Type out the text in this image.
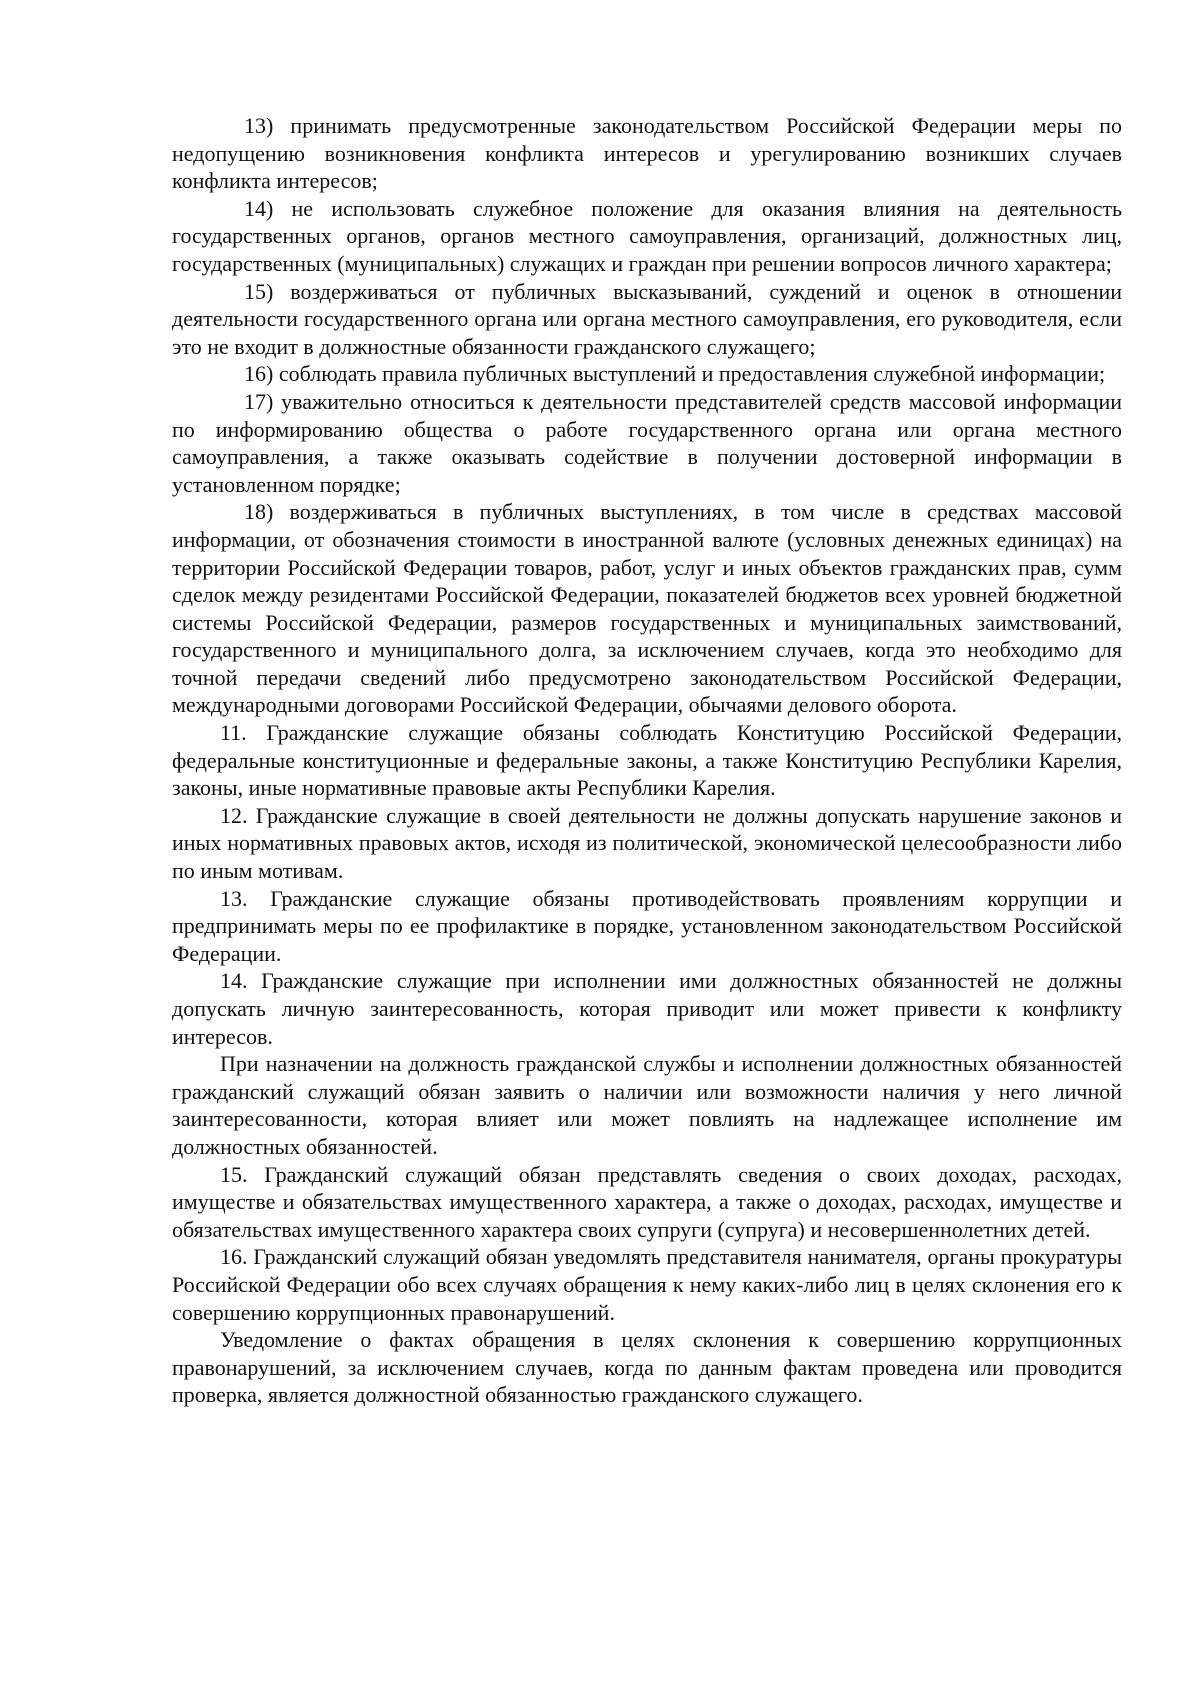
13) принимать предусмотренные законодательством Российской Федерации меры по недопущению возникновения конфликта интересов и урегулированию возникших случаев конфликта интересов;

14) не использовать служебное положение для оказания влияния на деятельность государственных органов, органов местного самоуправления, организаций, должностных лиц, государственных (муниципальных) служащих и граждан при решении вопросов личного характера;

15) воздерживаться от публичных высказываний, суждений и оценок в отношении деятельности государственного органа или органа местного самоуправления, его руководителя, если это не входит в должностные обязанности гражданского служащего;

16) соблюдать правила публичных выступлений и предоставления служебной информации;

17) уважительно относиться к деятельности представителей средств массовой информации по информированию общества о работе государственного органа или органа местного самоуправления, а также оказывать содействие в получении достоверной информации в установленном порядке;

18) воздерживаться в публичных выступлениях, в том числе в средствах массовой информации, от обозначения стоимости в иностранной валюте (условных денежных единицах) на территории Российской Федерации товаров, работ, услуг и иных объектов гражданских прав, сумм сделок между резидентами Российской Федерации, показателей бюджетов всех уровней бюджетной системы Российской Федерации, размеров государственных и муниципальных заимствований, государственного и муниципального долга, за исключением случаев, когда это необходимо для точной передачи сведений либо предусмотрено законодательством Российской Федерации, международными договорами Российской Федерации, обычаями делового оборота.

11. Гражданские служащие обязаны соблюдать Конституцию Российской Федерации, федеральные конституционные и федеральные законы, а также Конституцию Республики Карелия, законы, иные нормативные правовые акты Республики Карелия.

12. Гражданские служащие в своей деятельности не должны допускать нарушение законов и иных нормативных правовых актов, исходя из политической, экономической целесообразности либо по иным мотивам.

13. Гражданские служащие обязаны противодействовать проявлениям коррупции и предпринимать меры по ее профилактике в порядке, установленном законодательством Российской Федерации.

14. Гражданские служащие при исполнении ими должностных обязанностей не должны допускать личную заинтересованность, которая приводит или может привести к конфликту интересов.

При назначении на должность гражданской службы и исполнении должностных обязанностей гражданский служащий обязан заявить о наличии или возможности наличия у него личной заинтересованности, которая влияет или может повлиять на надлежащее исполнение им должностных обязанностей.

15. Гражданский служащий обязан представлять сведения о своих доходах, расходах, имуществе и обязательствах имущественного характера, а также о доходах, расходах, имуществе и обязательствах имущественного характера своих супруги (супруга) и несовершеннолетних детей.

16. Гражданский служащий обязан уведомлять представителя нанимателя, органы прокуратуры Российской Федерации обо всех случаях обращения к нему каких-либо лиц в целях склонения его к совершению коррупционных правонарушений.

Уведомление о фактах обращения в целях склонения к совершению коррупционных правонарушений, за исключением случаев, когда по данным фактам проведена или проводится проверка, является должностной обязанностью гражданского служащего.
